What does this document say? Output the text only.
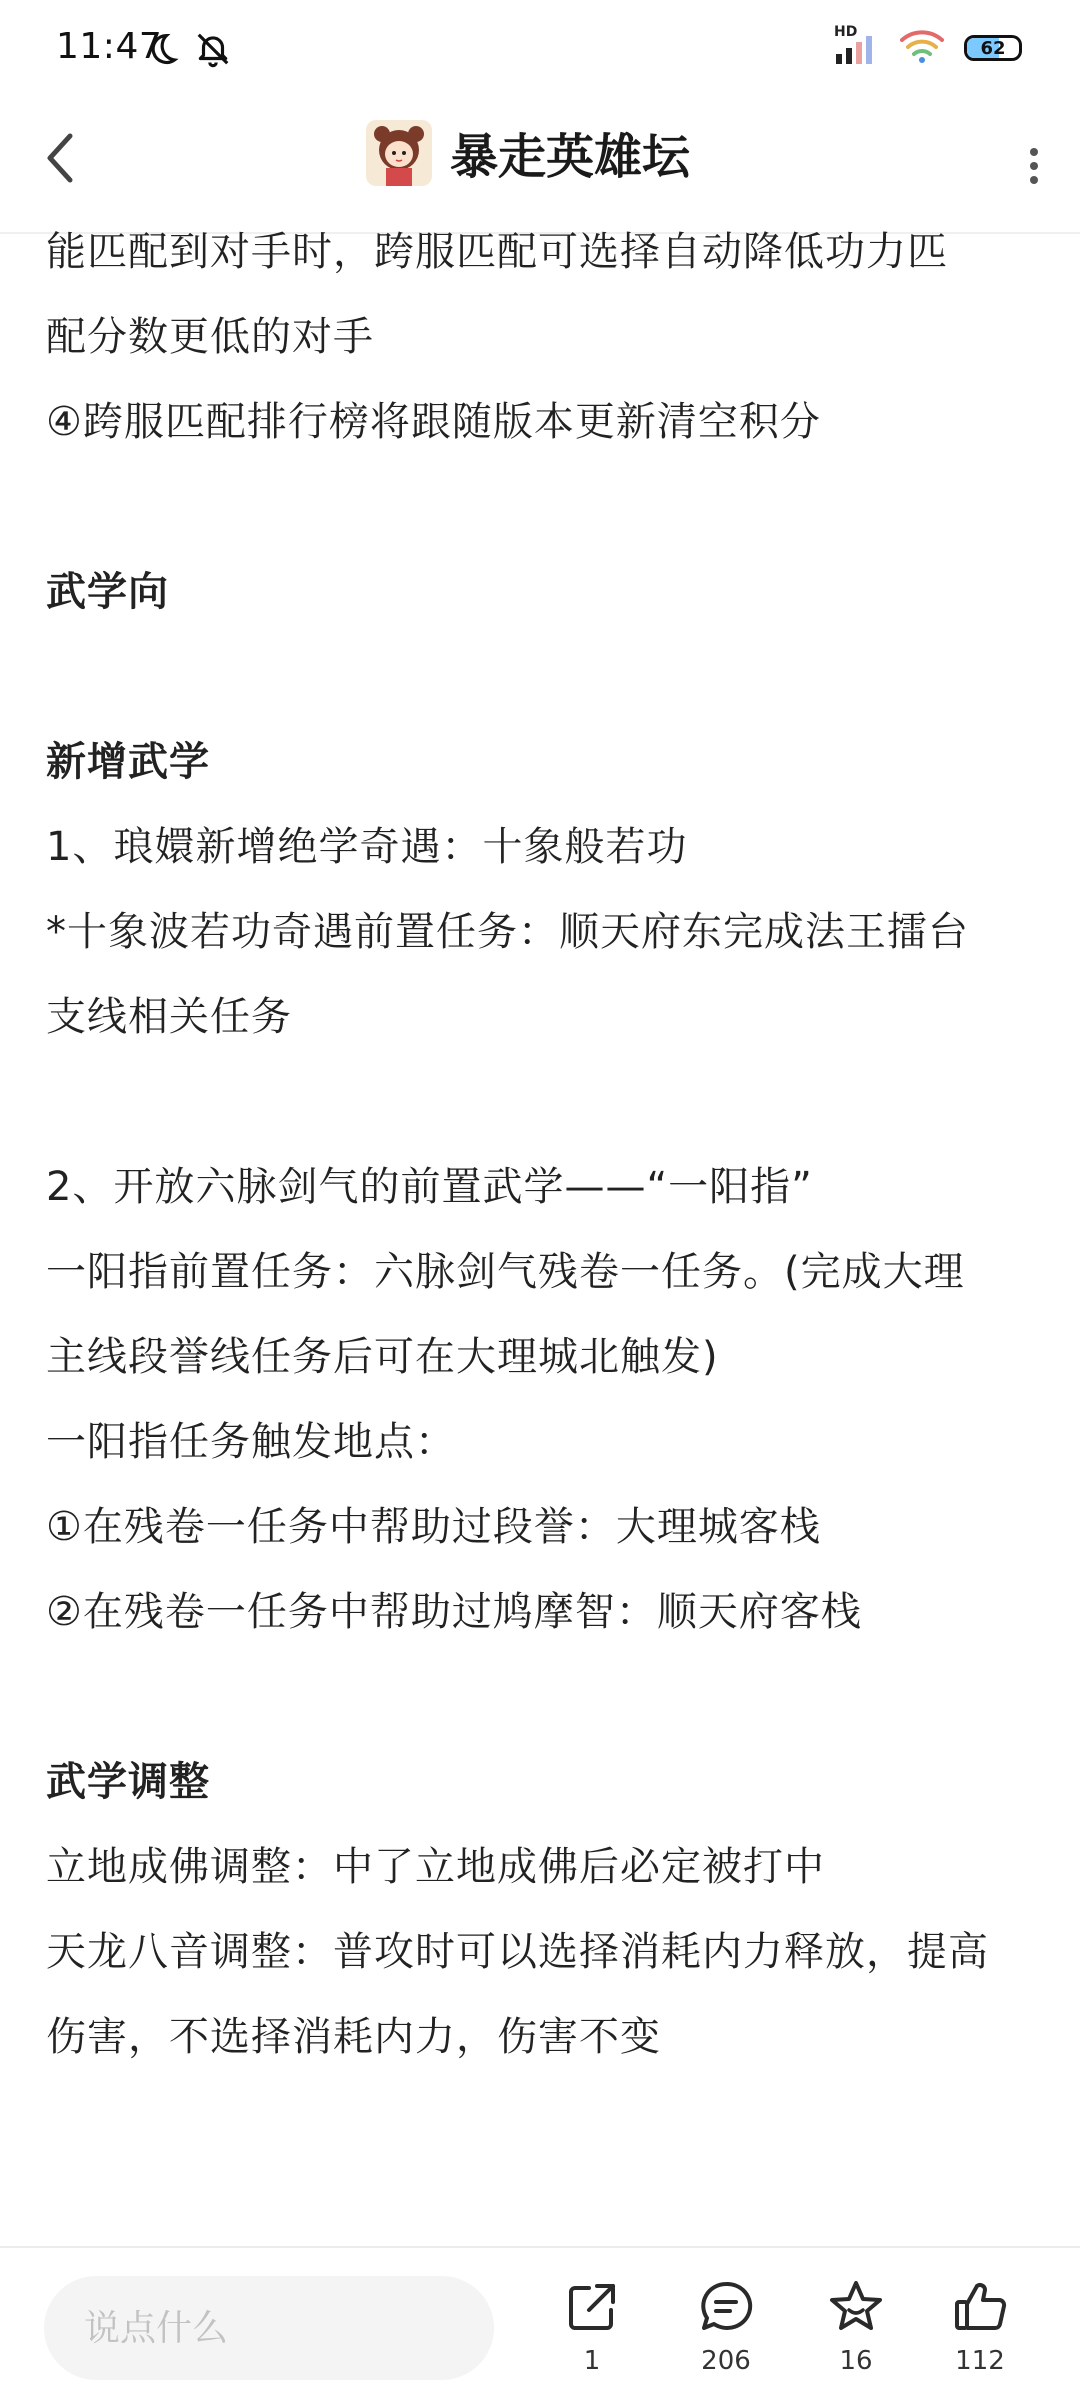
11:47	HD
62
暴走英雄坛
能匹配到对手时，跨服匹配可选择自动降低功力匹
配分数更低的对手
④跨服匹配排行榜将跟随版本更新清空积分
武学向
新增武学
1、琅嬛新增绝学奇遇：十象般若功
*十象波若功奇遇前置任务：顺天府东完成法王擂台
支线相关任务
2、开放六脉剑气的前置武学——“一阳指”
一阳指前置任务：六脉剑气残卷一任务。(完成大理
主线段誉线任务后可在大理城北触发)
一阳指任务触发地点：
①在残卷一任务中帮助过段誉：大理城客栈
②在残卷一任务中帮助过鸠摩智：顺天府客栈
武学调整
立地成佛调整：中了立地成佛后必定被打中
天龙八音调整：普攻时可以选择消耗内力释放，提高
伤害，不选择消耗内力，伤害不变
说点什么
1	206	16	112
